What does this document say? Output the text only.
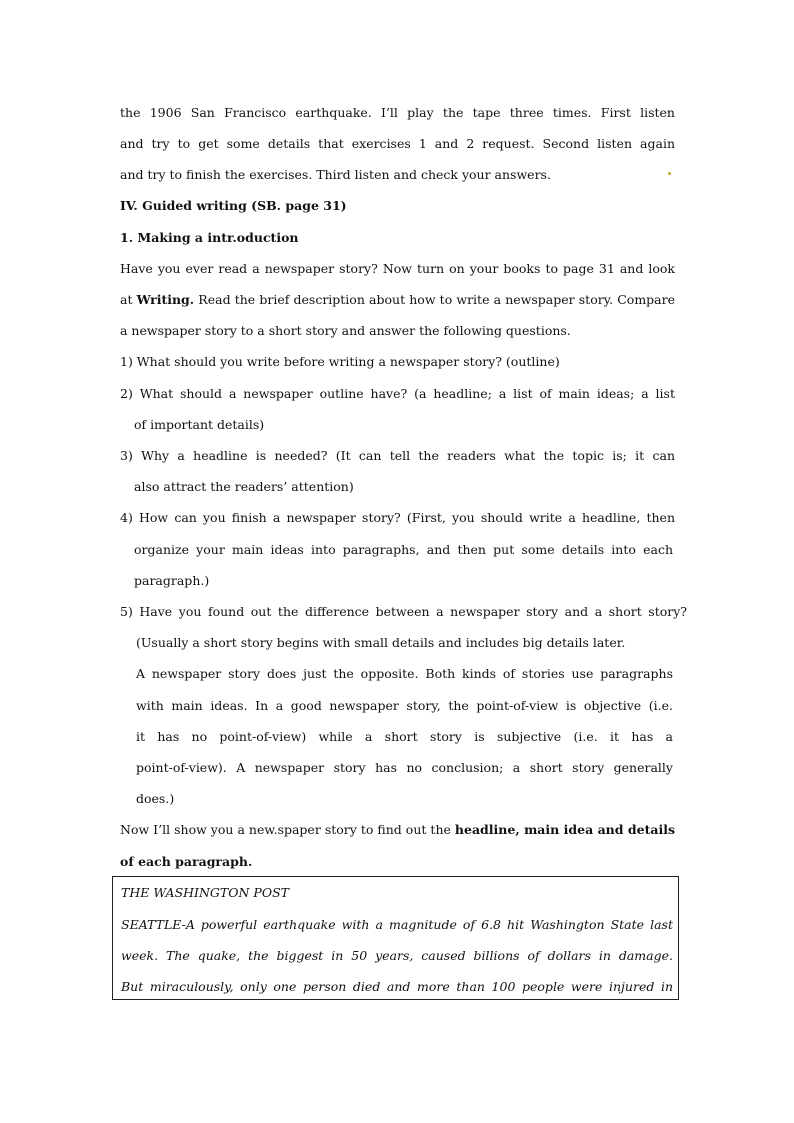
the 1906 San Francisco earthquake. I’ll play the tape three times. First listen
and try to get some details that exercises 1 and 2 request. Second listen again
and try to finish the exercises. Third listen and check your answers.
IV. Guided writing (SB. page 31)
1. Making a intr.oduction
Have you ever read a newspaper story? Now turn on your books to page 31 and look
at Writing. Read the brief description about how to write a newspaper story. Compare
a newspaper story to a short story and answer the following questions.
1) What should you write before writing a newspaper story? (outline)
2) What should a newspaper outline have? (a headline; a list of main ideas; a list
of important details)
3) Why a headline is needed? (It can tell the readers what the topic is; it can
also attract the readers’ attention)
4) How can you finish a newspaper story? (First, you should write a headline, then
organize your main ideas into paragraphs, and then put some details into each
paragraph.)
5) Have you found out the difference between a newspaper story and a short story?
(Usually a short story begins with small details and includes big details later.
A newspaper story does just the opposite. Both kinds of stories use paragraphs
with main ideas. In a good newspaper story, the point-of-view is objective (i.e.
it has no point-of-view) while a short story is subjective (i.e. it has a
point-of-view). A newspaper story has no conclusion; a short story generally
does.)
Now I’ll show you a new.spaper story to find out the headline, main idea and details
of each paragraph.
THE WASHINGTON POST
SEATTLE-A powerful earthquake with a magnitude of 6.8 hit Washington State last
week. The quake, the biggest in 50 years, caused billions of dollars in damage.
But miraculously, only one person died and more than 100 people were injured in
